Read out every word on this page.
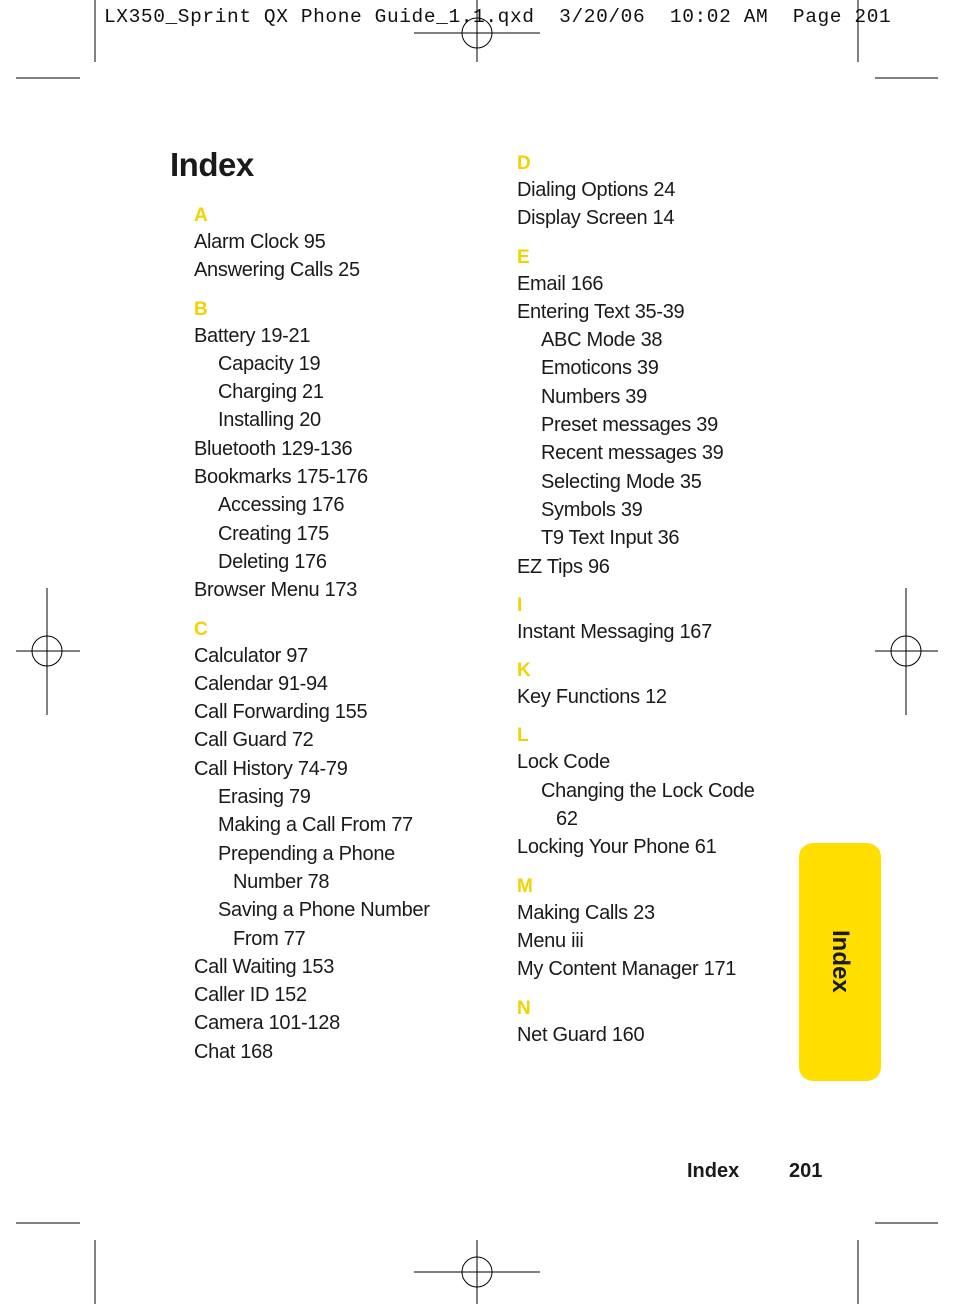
LX350_Sprint QX Phone Guide_1.1.qxd  3/20/06  10:02 AM  Page 201
Index
A
Alarm Clock 95
Answering Calls 25
B
Battery 19-21
Capacity 19
Charging 21
Installing 20
Bluetooth 129-136
Bookmarks 175-176
Accessing 176
Creating 175
Deleting 176
Browser Menu 173
C
Calculator 97
Calendar 91-94
Call Forwarding 155
Call Guard 72
Call History 74-79
Erasing 79
Making a Call From 77
Prepending a Phone
Number 78
Saving a Phone Number
From 77
Call Waiting 153
Caller ID 152
Camera 101-128
Chat 168
D
Dialing Options 24
Display Screen 14
E
Email 166
Entering Text 35-39
ABC Mode 38
Emoticons 39
Numbers 39
Preset messages 39
Recent messages 39
Selecting Mode 35
Symbols 39
T9 Text Input 36
EZ Tips 96
I
Instant Messaging 167
K
Key Functions 12
L
Lock Code
Changing the Lock Code
62
Locking Your Phone 61
M
Making Calls 23
Menu iii
My Content Manager 171
N
Net Guard 160
Index
Index 201
